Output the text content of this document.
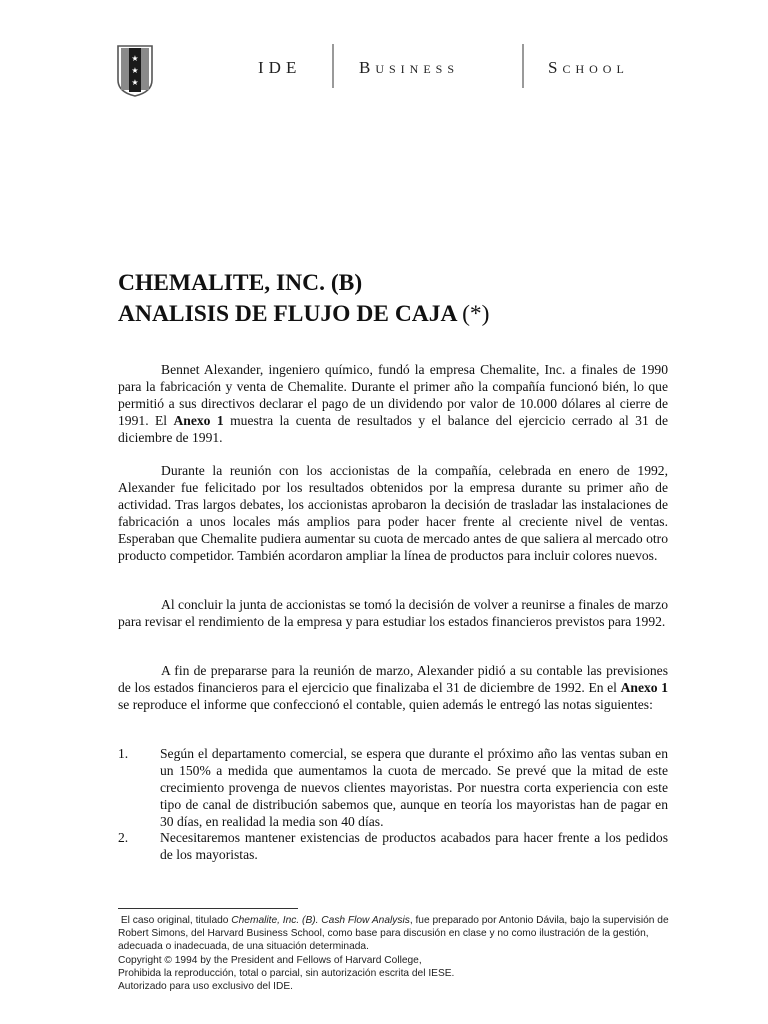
★
★
★
IDE	Business	School
CHEMALITE, INC. (B)
ANALISIS DE FLUJO DE CAJA (*)

Bennet Alexander, ingeniero químico, fundó la empresa Chemalite, Inc. a finales de 1990 para la fabricación y venta de Chemalite. Durante el primer año la compañía funcionó bién, lo que permitió a sus directivos declarar el pago de un dividendo por valor de 10.000 dólares al cierre de 1991. El Anexo 1 muestra la cuenta de resultados y el balance del ejercicio cerrado al 31 de diciembre de 1991.

Durante la reunión con los accionistas de la compañía, celebrada en enero de 1992, Alexander fue felicitado por los resultados obtenidos por la empresa durante su primer año de actividad. Tras largos debates, los accionistas aprobaron la decisión de trasladar las instalaciones de fabricación a unos locales más amplios para poder hacer frente al creciente nivel de ventas. Esperaban que Chemalite pudiera aumentar su cuota de mercado antes de que saliera al mercado otro producto competidor. También acordaron ampliar la línea de productos para incluir colores nuevos.

Al concluir la junta de accionistas se tomó la decisión de volver a reunirse a finales de marzo para revisar el rendimiento de la empresa y para estudiar los estados financieros previstos para 1992.

A fin de prepararse para la reunión de marzo, Alexander pidió a su contable las previsiones de los estados financieros para el ejercicio que finalizaba el 31 de diciembre de 1992. En el Anexo 1 se reproduce el informe que confeccionó el contable, quien además le entregó las notas siguientes:

1.	Según el departamento comercial, se espera que durante el próximo año las ventas suban en un 150% a medida que aumentamos la cuota de mercado. Se prevé que la mitad de este crecimiento provenga de nuevos clientes mayoristas. Por nuestra corta experiencia con este tipo de canal de distribución sabemos que, aunque en teoría los mayoristas han de pagar en 30 días, en realidad la media son 40 días.
2.	Necesitaremos mantener existencias de productos acabados para hacer frente a los pedidos de los mayoristas.

El caso original, titulado Chemalite, Inc. (B). Cash Flow Analysis, fue preparado por Antonio Dávila, bajo la supervisión de Robert Simons, del Harvard Business School, como base para discusión en clase y no como ilustración de la gestión, adecuada o inadecuada, de una situación determinada.

Copyright © 1994 by the President and Fellows of Harvard College,

Prohibida la reproducción, total o parcial, sin autorización escrita del IESE.

Autorizado para uso exclusivo del IDE.
